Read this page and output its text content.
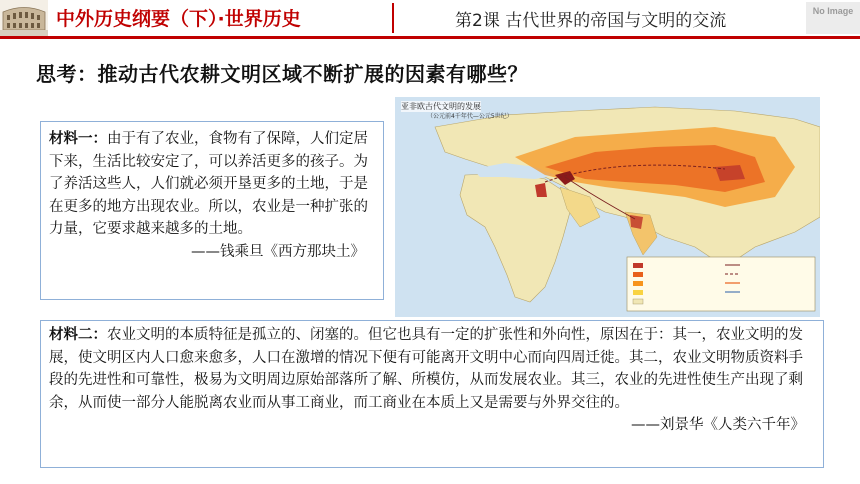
中外历史纲要（下）·世界历史	第2课 古代世界的帝国与文明的交流	No Image
思考：推动古代农耕文明区域不断扩展的因素有哪些？
材料一：由于有了农业，食物有了保障，人们定居下来，生活比较安定了，可以养活更多的孩子。为了养活这些人，人们就必须开垦更多的土地，于是在更多的地方出现农业。所以，农业是一种扩张的力量，它要求越来越多的土地。
——钱乘旦《西方那块土》
亚非欧古代文明的发展
（公元前4千年代—公元5世纪）
材料二：农业文明的本质特征是孤立的、闭塞的。但它也具有一定的扩张性和外向性，原因在于：其一，农业文明的发展，使文明区内人口愈来愈多，人口在激增的情况下便有可能离开文明中心而向四周迁徙。其二，农业文明物质资料手段的先进性和可靠性，极易为文明周边原始部落所了解、所模仿，从而发展农业。其三，农业的先进性使生产出现了剩余，从而使一部分人能脱离农业而从事工商业，而工商业在本质上又是需要与外界交往的。
——刘景华《人类六千年》
